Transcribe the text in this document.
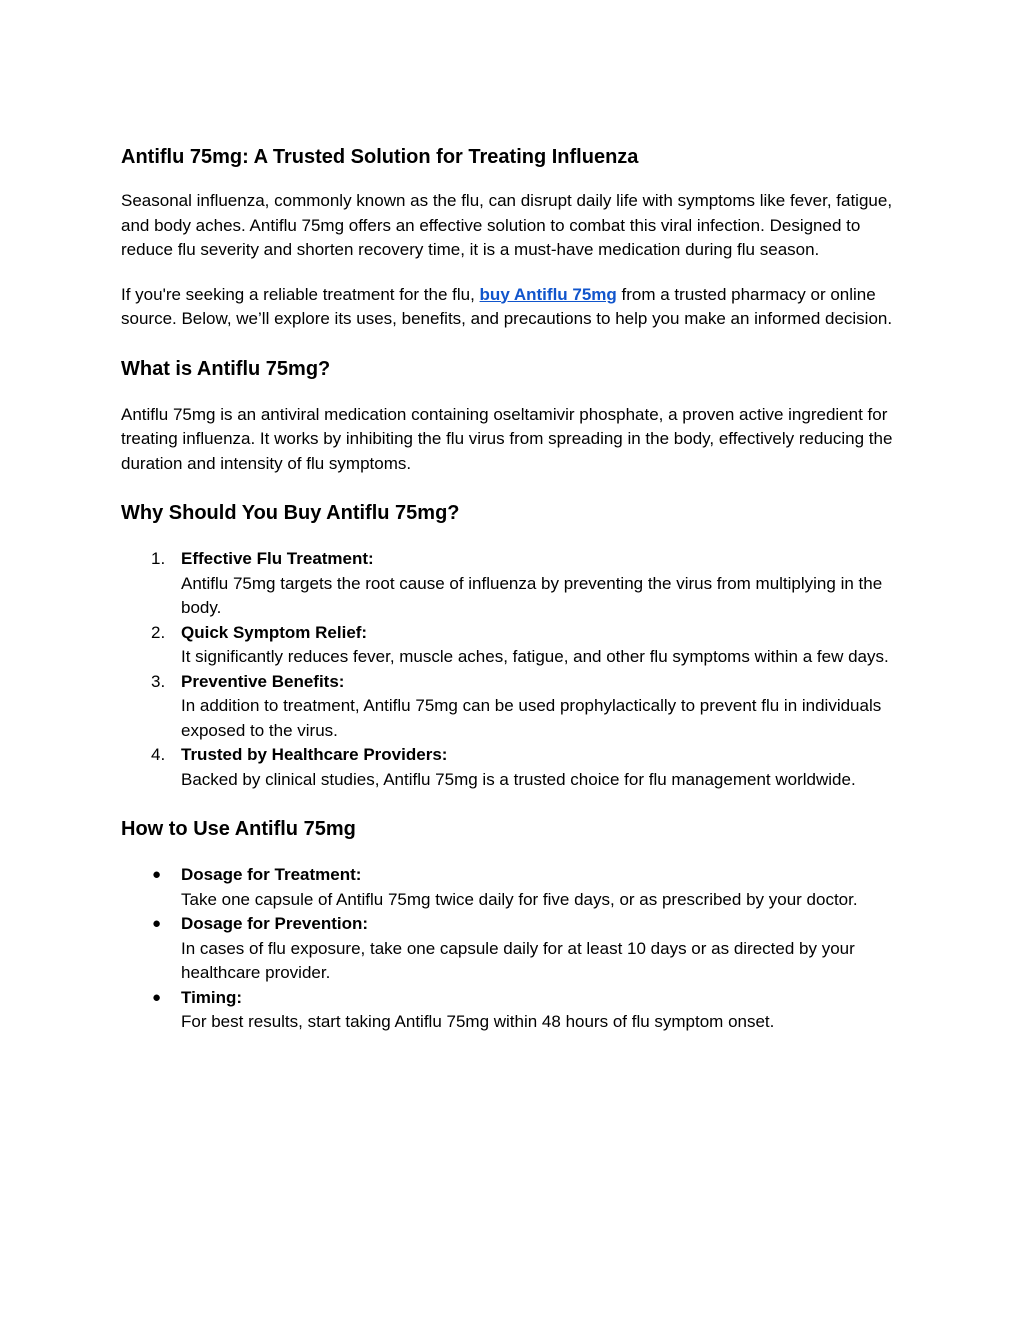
Antiflu 75mg: A Trusted Solution for Treating Influenza

Seasonal influenza, commonly known as the flu, can disrupt daily life with symptoms like fever, fatigue, and body aches. Antiflu 75mg offers an effective solution to combat this viral infection. Designed to reduce flu severity and shorten recovery time, it is a must-have medication during flu season.

If you're seeking a reliable treatment for the flu, buy Antiflu 75mg from a trusted pharmacy or online source. Below, we’ll explore its uses, benefits, and precautions to help you make an informed decision.

What is Antiflu 75mg?

Antiflu 75mg is an antiviral medication containing oseltamivir phosphate, a proven active ingredient for treating influenza. It works by inhibiting the flu virus from spreading in the body, effectively reducing the duration and intensity of flu symptoms.

Why Should You Buy Antiflu 75mg?
1. Effective Flu Treatment:
Antiflu 75mg targets the root cause of influenza by preventing the virus from multiplying in the body.
2. Quick Symptom Relief:
It significantly reduces fever, muscle aches, fatigue, and other flu symptoms within a few days.
3. Preventive Benefits:
In addition to treatment, Antiflu 75mg can be used prophylactically to prevent flu in individuals exposed to the virus.
4. Trusted by Healthcare Providers:
Backed by clinical studies, Antiflu 75mg is a trusted choice for flu management worldwide.
How to Use Antiflu 75mg
●	Dosage for Treatment:
Take one capsule of Antiflu 75mg twice daily for five days, or as prescribed by your doctor.
●	Dosage for Prevention:
In cases of flu exposure, take one capsule daily for at least 10 days or as directed by your healthcare provider.
●	Timing:
For best results, start taking Antiflu 75mg within 48 hours of flu symptom onset.
